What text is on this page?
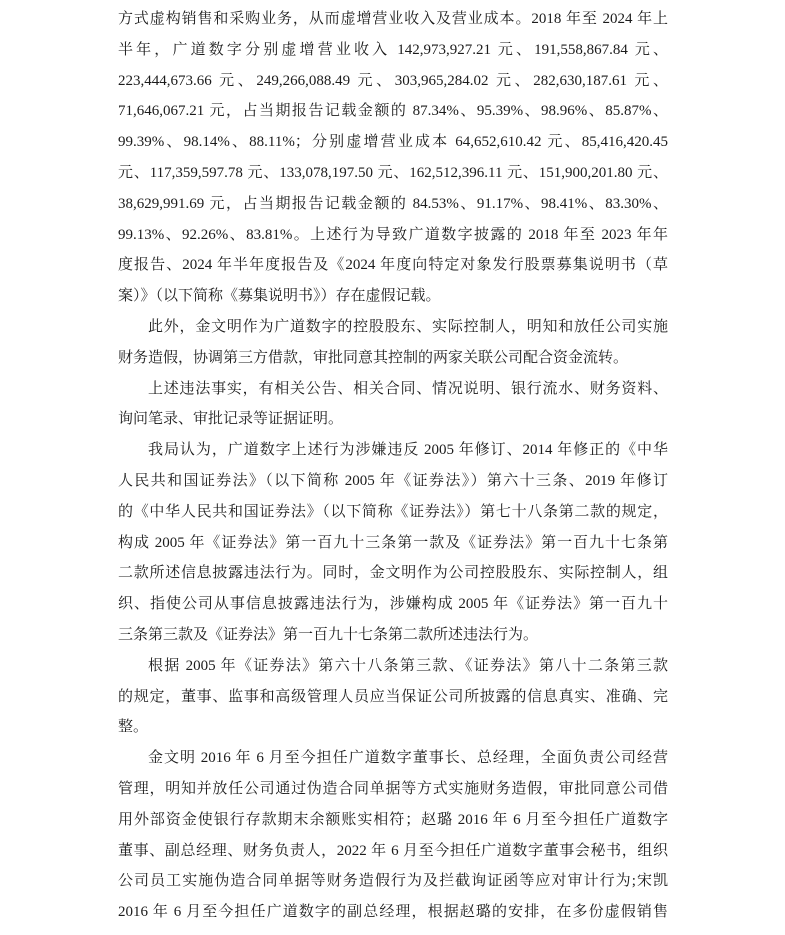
方式虚构销售和采购业务，从而虚增营业收入及营业成本。2018 年至 2024 年上
半年，广道数字分别虚增营业收入 142,973,927.21 元、191,558,867.84 元、
223,444,673.66 元、249,266,088.49 元、303,965,284.02 元、282,630,187.61 元、
71,646,067.21 元，占当期报告记载金额的 87.34%、95.39%、98.96%、85.87%、
99.39%、98.14%、88.11%；分别虚增营业成本 64,652,610.42 元、85,416,420.45
元、117,359,597.78 元、133,078,197.50 元、162,512,396.11 元、151,900,201.80 元、
38,629,991.69 元，占当期报告记载金额的 84.53%、91.17%、98.41%、83.30%、
99.13%、92.26%、83.81%。上述行为导致广道数字披露的 2018 年至 2023 年年
度报告、2024 年半年度报告及《2024 年度向特定对象发行股票募集说明书（草
案）》（以下简称《募集说明书》）存在虚假记载。
此外，金文明作为广道数字的控股股东、实际控制人，明知和放任公司实施
财务造假，协调第三方借款，审批同意其控制的两家关联公司配合资金流转。
上述违法事实，有相关公告、相关合同、情况说明、银行流水、财务资料、
询问笔录、审批记录等证据证明。
我局认为，广道数字上述行为涉嫌违反 2005 年修订、2014 年修正的《中华
人民共和国证券法》（以下简称 2005 年《证券法》）第六十三条、2019 年修订
的《中华人民共和国证券法》（以下简称《证券法》）第七十八条第二款的规定，
构成 2005 年《证券法》第一百九十三条第一款及《证券法》第一百九十七条第
二款所述信息披露违法行为。同时，金文明作为公司控股股东、实际控制人，组
织、指使公司从事信息披露违法行为，涉嫌构成 2005 年《证券法》第一百九十
三条第三款及《证券法》第一百九十七条第二款所述违法行为。
根据 2005 年《证券法》第六十八条第三款、《证券法》第八十二条第三款
的规定，董事、监事和高级管理人员应当保证公司所披露的信息真实、准确、完
整。
金文明 2016 年 6 月至今担任广道数字董事长、总经理，全面负责公司经营
管理，明知并放任公司通过伪造合同单据等方式实施财务造假，审批同意公司借
用外部资金使银行存款期末余额账实相符；赵璐 2016 年 6 月至今担任广道数字
董事、副总经理、财务负责人，2022 年 6 月至今担任广道数字董事会秘书，组织
公司员工实施伪造合同单据等财务造假行为及拦截询证函等应对审计行为;宋凯
2016 年 6 月至今担任广道数字的副总经理，根据赵璐的安排，在多份虚假销售
